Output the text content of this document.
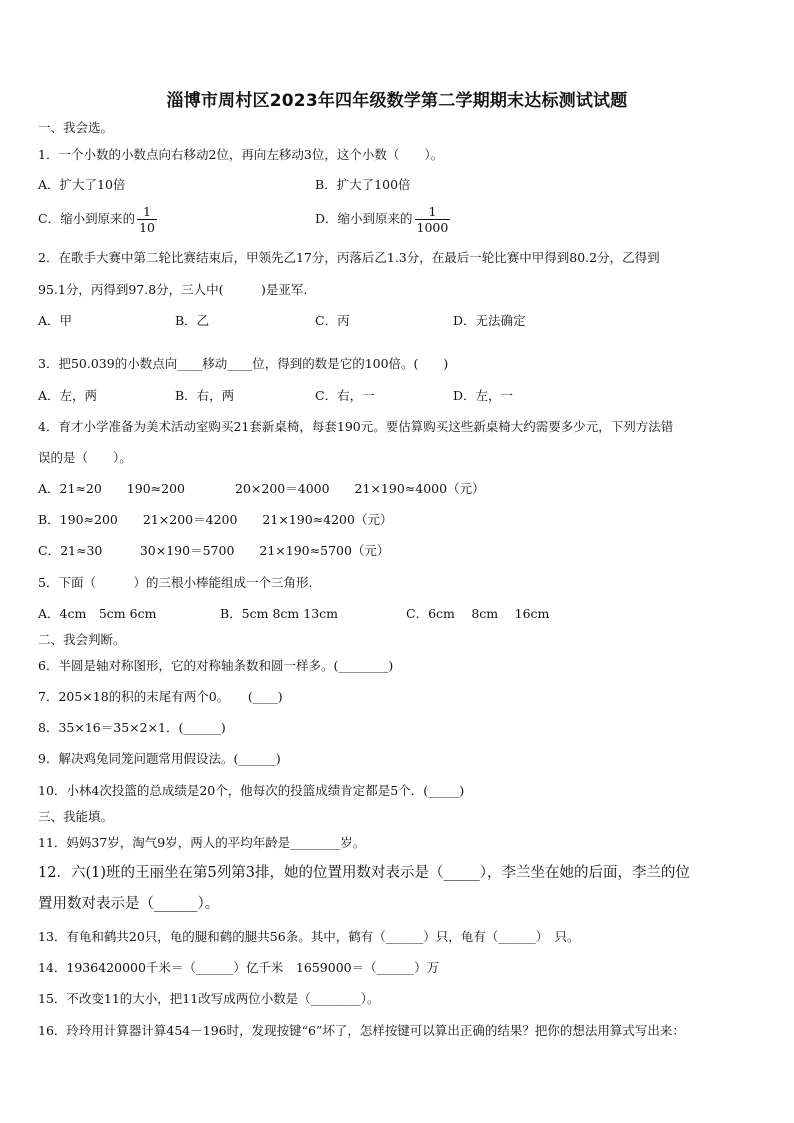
淄博市周村区2023年四年级数学第二学期期末达标测试试题
一、我会选。
1．一个小数的小数点向右移动2位，再向左移动3位，这个小数（　　）。
A．扩大了10倍	B．扩大了100倍
C．缩小到原来的 $\frac{1}{10}$	D．缩小到原来的 $\frac{1}{1000}$
2．在歌手大赛中第二轮比赛结束后，甲领先乙17分，丙落后乙1.3分，在最后一轮比赛中甲得到80.2分，乙得到
95.1分，丙得到97.8分，三人中(　　　)是亚军.
A．甲	B．乙	C．丙	D．无法确定
3．把50.039的小数点向____移动____位，得到的数是它的100倍。(　　)
A．左，两	B．右，两	C．右，一	D．左，一
4．育才小学准备为美术活动室购买21套新桌椅，每套190元。要估算购买这些新桌椅大约需要多少元，下列方法错
误的是（　　）。
A．21≈20　　190≈200　　　　20×200＝4000　　21×190≈4000（元）
B．190≈200　　21×200＝4200　　21×190≈4200（元）
C．21≈30　　　30×190＝5700　　21×190≈5700（元）
5．下面（　　　）的三根小棒能组成一个三角形.
A．4cm　5cm 6cm	B．5cm 8cm 13cm	C．6cm　 8cm　 16cm
二、我会判断。
6．半圆是轴对称图形，它的对称轴条数和圆一样多。(________)
7．205×18的积的末尾有两个0。　　(____)
8．35×16＝35×2×1．(______)
9．解决鸡兔同笼问题常用假设法。(______)
10．小林4次投篮的总成绩是20个，他每次的投篮成绩肯定都是5个．(_____)
三、我能填。
11．妈妈37岁，淘气9岁，两人的平均年龄是________岁。
12．六(1)班的王丽坐在第5列第3排，她的位置用数对表示是（_____），李兰坐在她的后面，李兰的位
置用数对表示是（______）。
13．有龟和鹤共20只，龟的腿和鹤的腿共56条。其中，鹤有（______）只，龟有（______）　只。
14．1936420000千米＝（______）亿千米　1659000＝（______）万
15．不改变11的大小，把11改写成两位小数是（________）。
16．玲玲用计算器计算454－196时，发现按键“6”坏了，怎样按键可以算出正确的结果？把你的想法用算式写出来：
